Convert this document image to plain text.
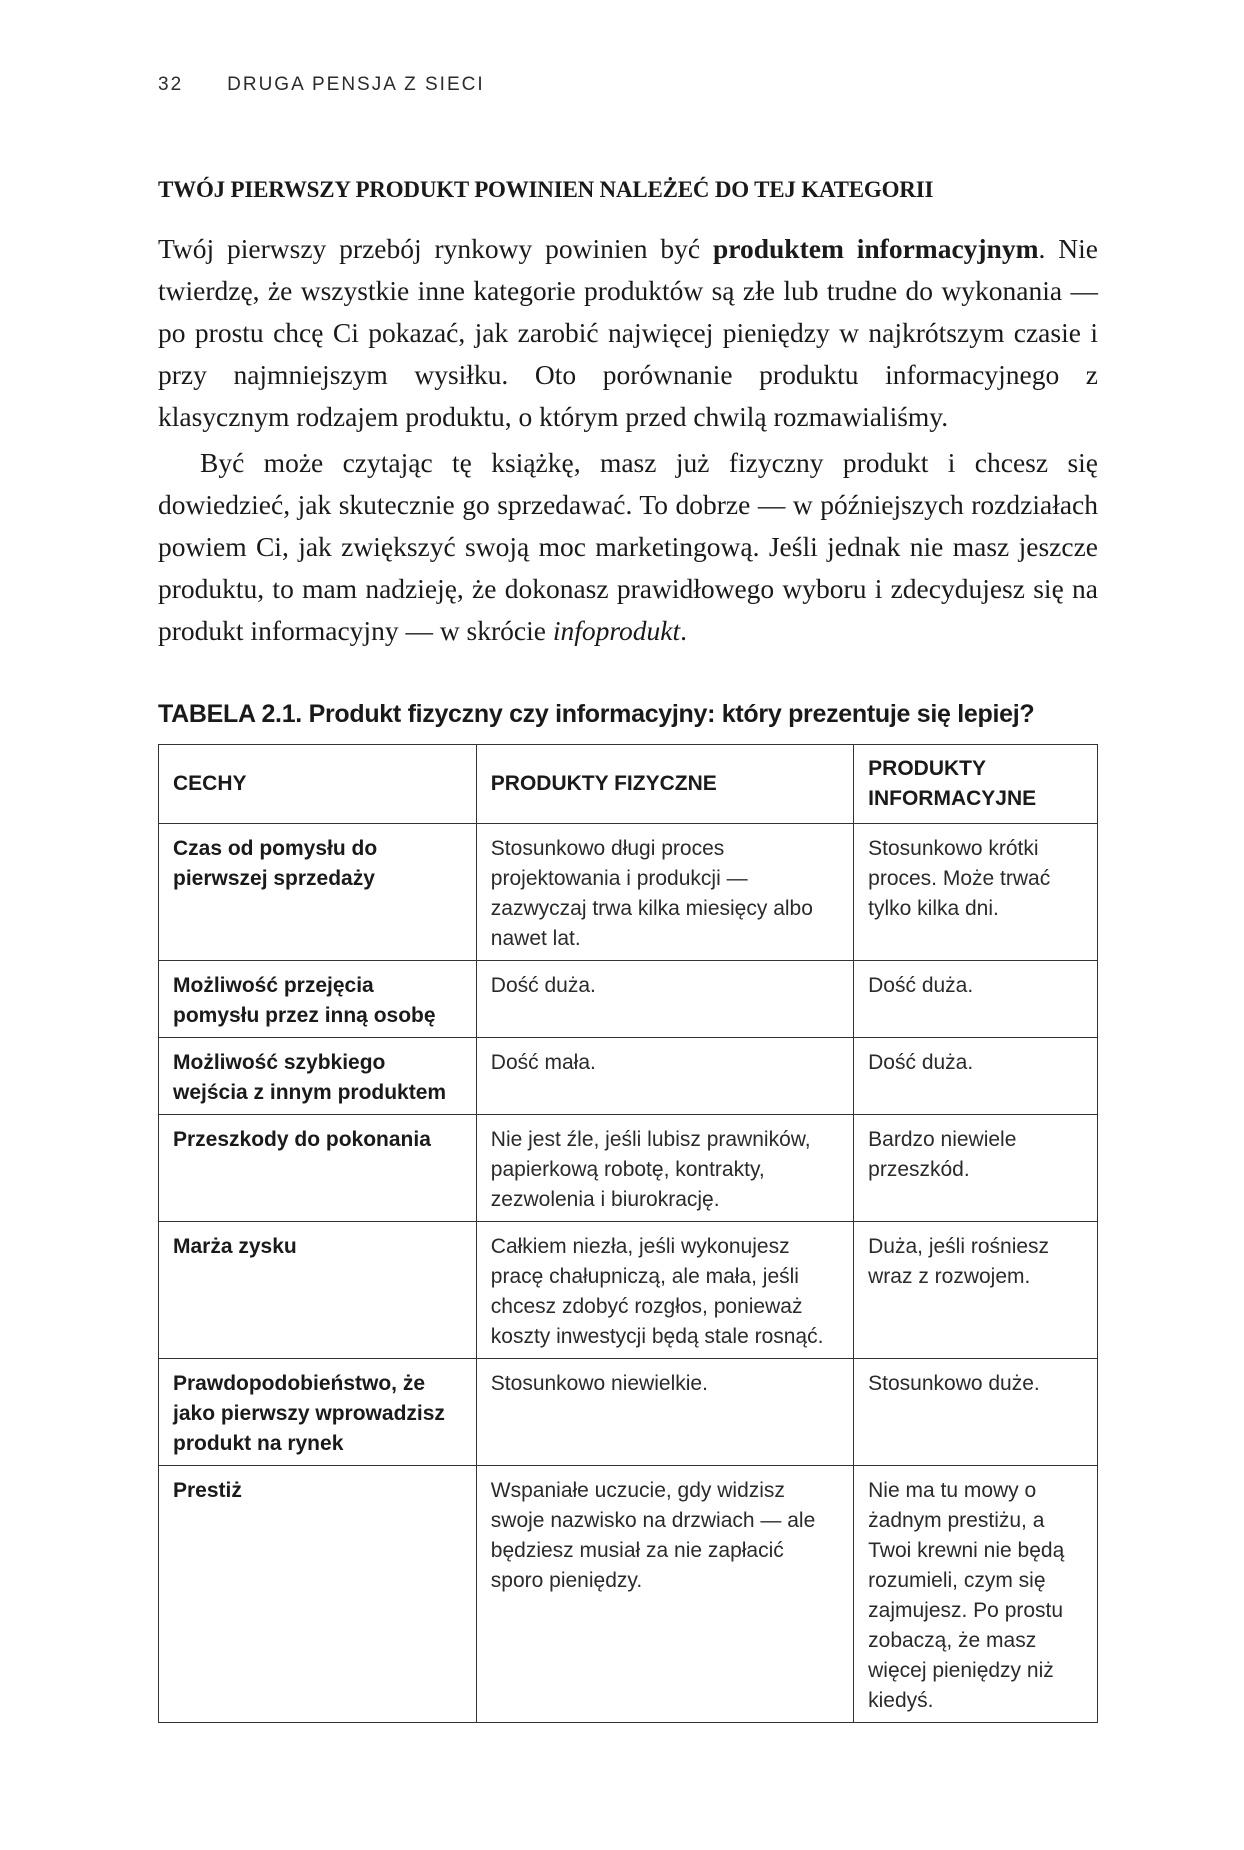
32 DRUGA PENSJA Z SIECI
TWÓJ PIERWSZY PRODUKT POWINIEN NALEŻEĆ DO TEJ KATEGORII

Twój pierwszy przebój rynkowy powinien być produktem informacyjnym. Nie twierdzę, że wszystkie inne kategorie produktów są złe lub trudne do wykonania — po prostu chcę Ci pokazać, jak zarobić najwięcej pieniędzy w najkrótszym czasie i przy najmniejszym wysiłku. Oto porównanie produktu informacyjnego z klasycznym rodzajem produktu, o którym przed chwilą rozmawialiśmy.

Być może czytając tę książkę, masz już fizyczny produkt i chcesz się dowiedzieć, jak skutecznie go sprzedawać. To dobrze — w późniejszych rozdziałach powiem Ci, jak zwiększyć swoją moc marketingową. Jeśli jednak nie masz jeszcze produktu, to mam nadzieję, że dokonasz prawidłowego wyboru i zdecydujesz się na produkt informacyjny — w skrócie infoprodukt.

TABELA 2.1. Produkt fizyczny czy informacyjny: który prezentuje się lepiej?
CECHY	PRODUKTY FIZYCZNE	PRODUKTY INFORMACYJNE
Czas od pomysłu do pierwszej sprzedaży	Stosunkowo długi proces projektowania i produkcji — zazwyczaj trwa kilka miesięcy albo nawet lat.	Stosunkowo krótki proces. Może trwać tylko kilka dni.
Możliwość przejęcia pomysłu przez inną osobę	Dość duża.	Dość duża.
Możliwość szybkiego wejścia z innym produktem	Dość mała.	Dość duża.
Przeszkody do pokonania	Nie jest źle, jeśli lubisz prawników, papierkową robotę, kontrakty, zezwolenia i biurokrację.	Bardzo niewiele przeszkód.
Marża zysku	Całkiem niezła, jeśli wykonujesz pracę chałupniczą, ale mała, jeśli chcesz zdobyć rozgłos, ponieważ koszty inwestycji będą stale rosnąć.	Duża, jeśli rośniesz wraz z rozwojem.
Prawdopodobieństwo, że jako pierwszy wprowadzisz produkt na rynek	Stosunkowo niewielkie.	Stosunkowo duże.
Prestiż	Wspaniałe uczucie, gdy widzisz swoje nazwisko na drzwiach — ale będziesz musiał za nie zapłacić sporo pieniędzy.	Nie ma tu mowy o żadnym prestiżu, a Twoi krewni nie będą rozumieli, czym się zajmujesz. Po prostu zobaczą, że masz więcej pieniędzy niż kiedyś.
